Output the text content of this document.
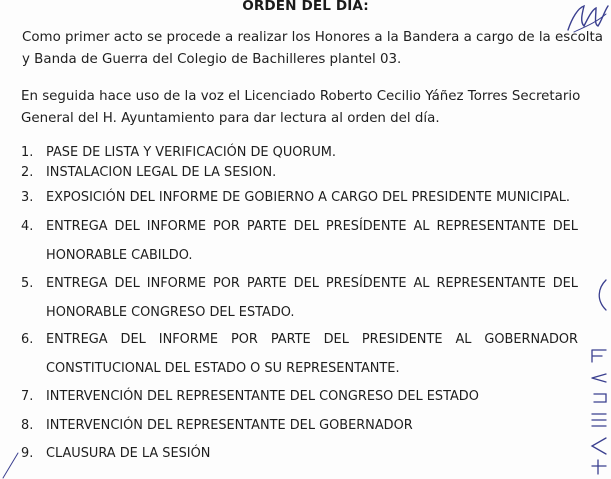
ORDEN DEL DIA:

Como primer acto se procede a realizar los Honores a la Bandera a cargo de la escolta
y Banda de Guerra del Colegio de Bachilleres plantel 03.

En seguida hace uso de la voz el Licenciado Roberto Cecilio Yáñez Torres Secretario
General del H. Ayuntamiento para dar lectura al orden del día.

1. PASE DE LISTA Y VERIFICACIÓN DE QUORUM.
2. INSTALACION LEGAL DE LA SESION.
3. EXPOSICIÓN DEL INFORME DE GOBIERNO A CARGO DEL PRESIDENTE MUNICIPAL.
4. ENTREGA DEL INFORME POR PARTE DEL PRESÍDENTE AL REPRESENTANTE DEL
HONORABLE CABILDO.
5. ENTREGA DEL INFORME POR PARTE DEL PRESÍDENTE AL REPRESENTANTE DEL
HONORABLE CONGRESO DEL ESTADO.
6. ENTREGA DEL INFORME POR PARTE DEL PRESIDENTE AL GOBERNADOR
CONSTITUCIONAL DEL ESTADO O SU REPRESENTANTE.
7. INTERVENCIÓN DEL REPRESENTANTE DEL CONGRESO DEL ESTADO
8. INTERVENCIÓN DEL REPRESENTANTE DEL GOBERNADOR
9. CLAUSURA DE LA SESIÓN
